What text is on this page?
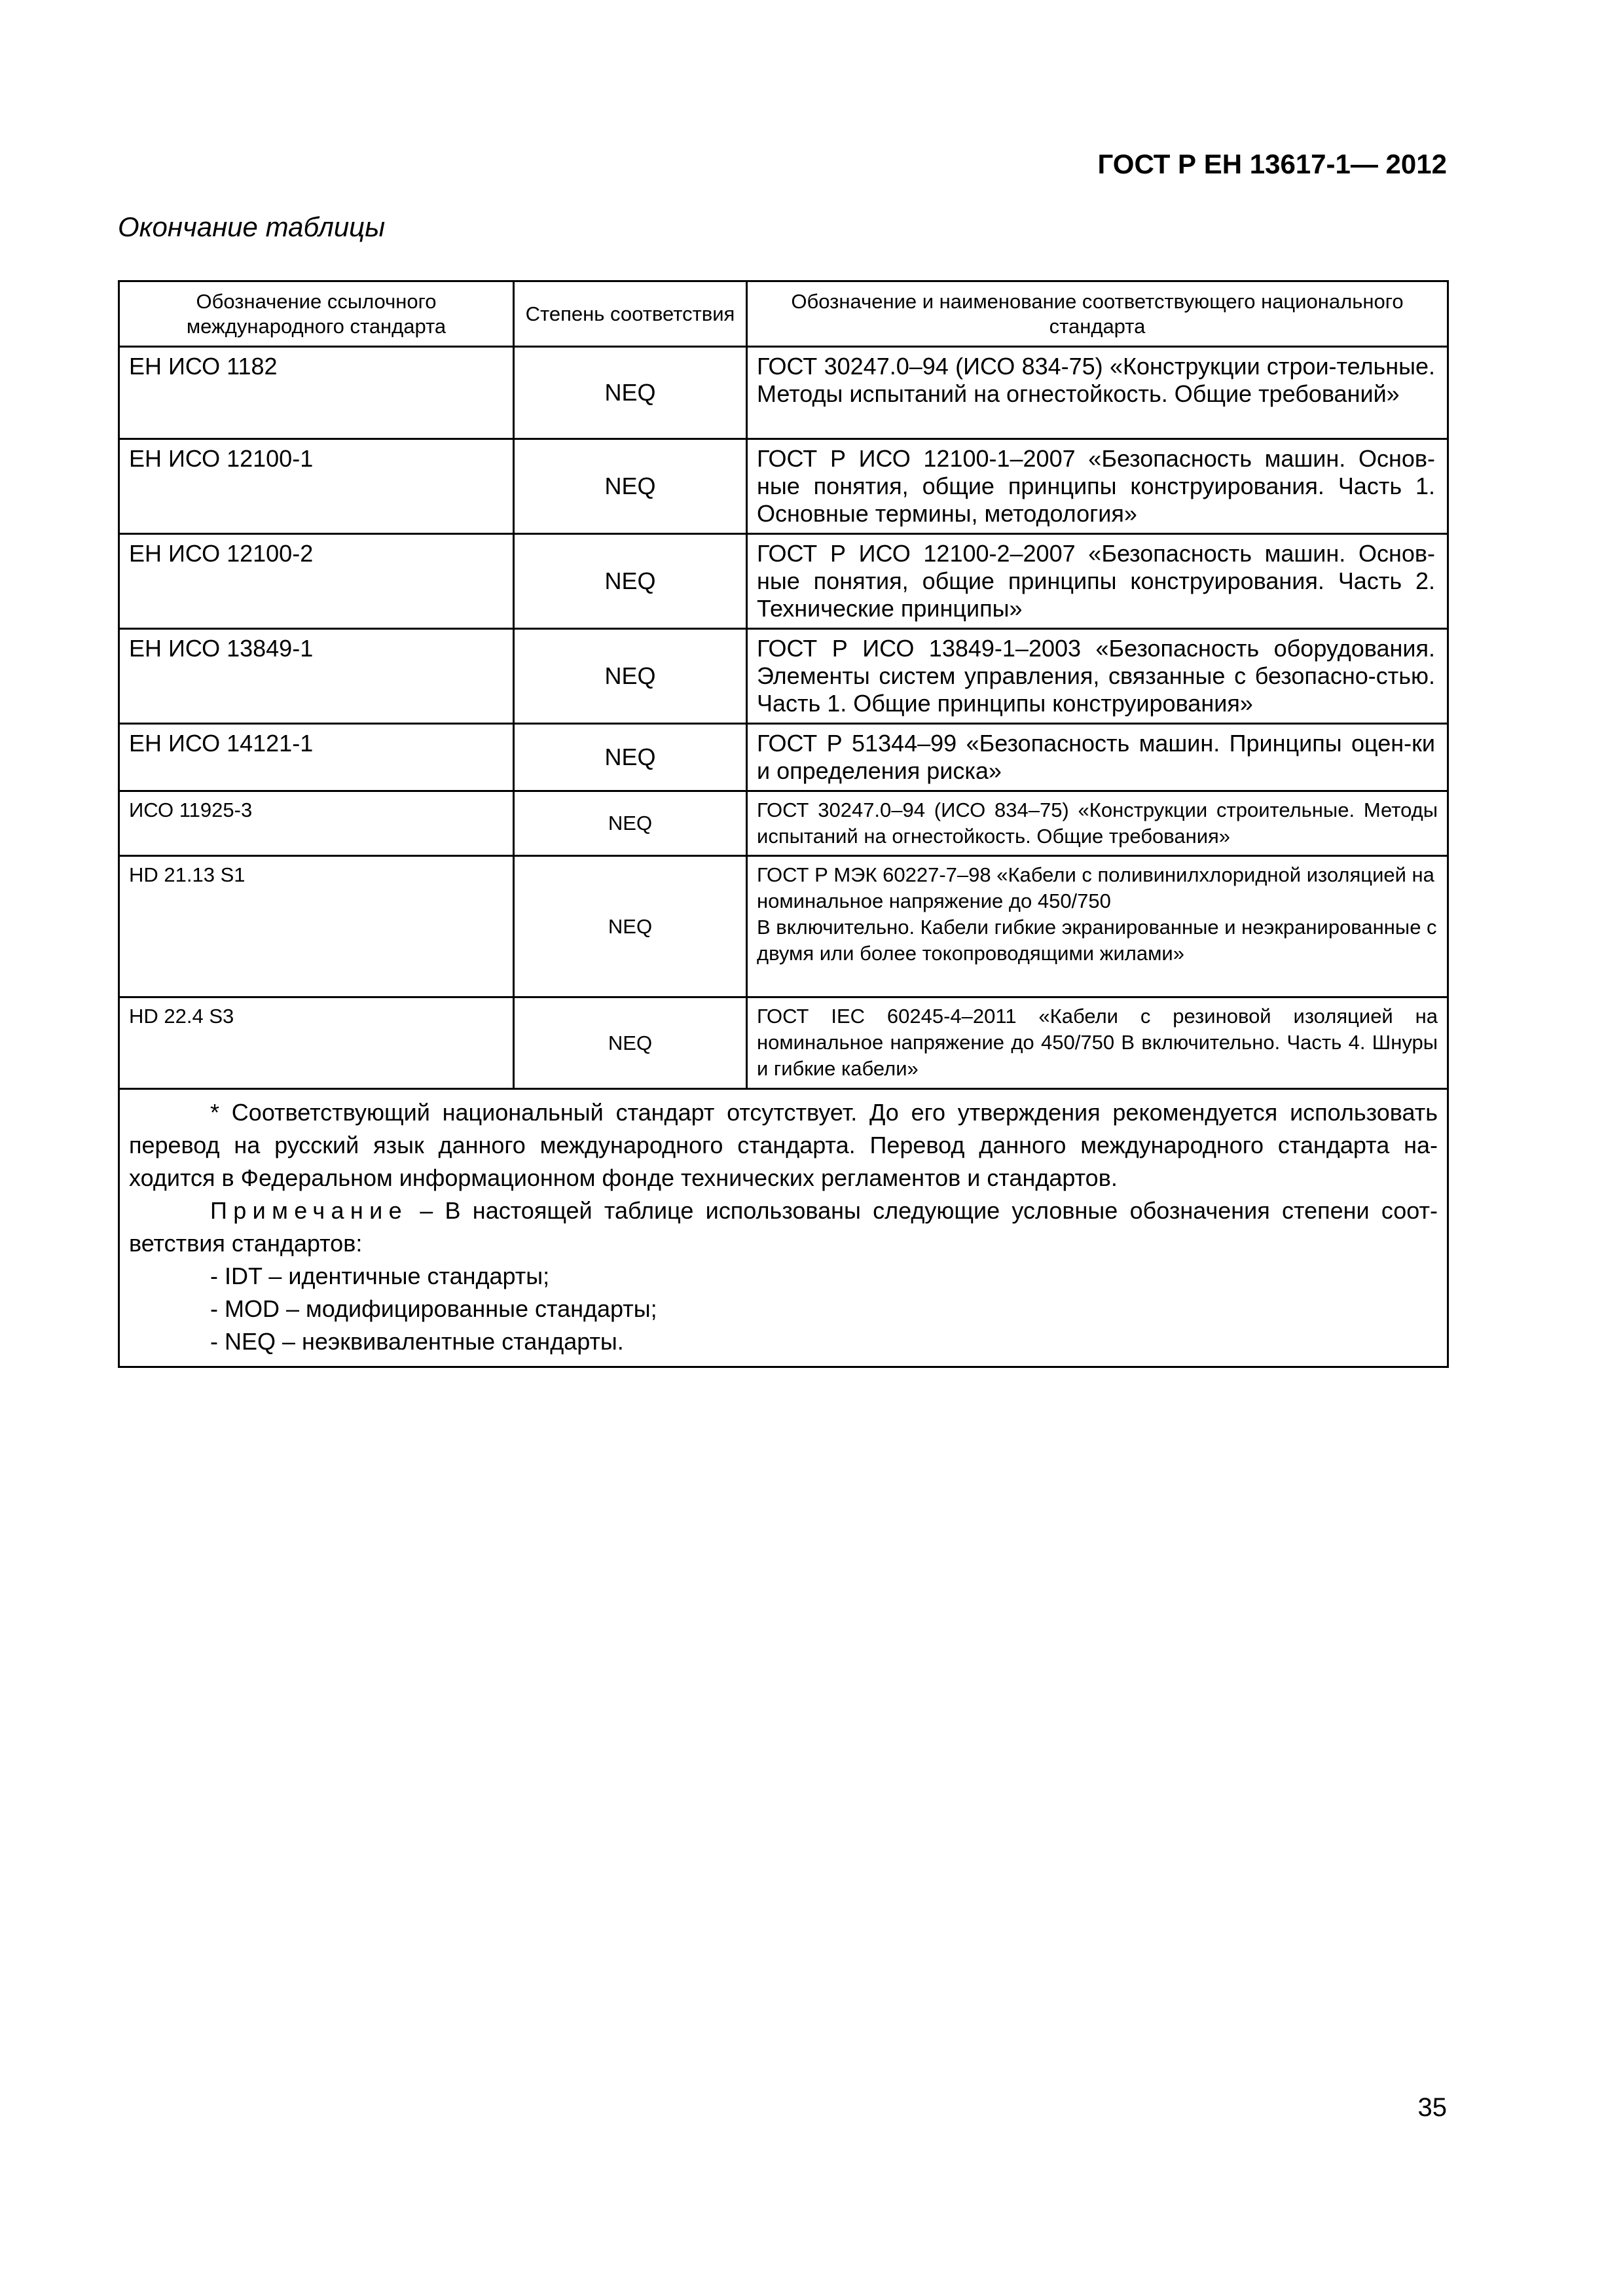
ГОСТ Р ЕН 13617-1— 2012
Окончание таблицы
Обозначение ссылочного международного стандарта	Степень соответствия	Обозначение и наименование соответствующего национального стандарта
ЕН ИСО 1182	NEQ	ГОСТ 30247.0–94 (ИСО 834-75) «Конструкции строи-тельные. Методы испытаний на огнестойкость. Общие требований»
ЕН ИСО 12100-1	NEQ	ГОСТ Р ИСО 12100-1–2007 «Безопасность машин. Основ-ные понятия, общие принципы конструирования. Часть 1. Основные термины, методология»
ЕН ИСО 12100-2	NEQ	ГОСТ Р ИСО 12100-2–2007 «Безопасность машин. Основ-ные понятия, общие принципы конструирования. Часть 2. Технические принципы»
ЕН ИСО 13849-1	NEQ	ГОСТ Р ИСО 13849-1–2003 «Безопасность оборудования. Элементы систем управления, связанные с безопасно-стью. Часть 1. Общие принципы конструирования»
ЕН ИСО 14121-1	NEQ	ГОСТ Р 51344–99 «Безопасность машин. Принципы оцен-ки и определения риска»
ИСО 11925-3	NEQ	ГОСТ 30247.0–94 (ИСО 834–75) «Конструкции строительные. Методы испытаний на огнестойкость. Общие требования»
HD 21.13 S1	NEQ	ГОСТ Р МЭК 60227-7–98 «Кабели с поливинилхлоридной изоляцией на номинальное напряжение до 450/750
В включительно. Кабели гибкие экранированные и неэкранированные с двумя или более токопроводящими жилами»

HD 22.4 S3	NEQ	ГОСТ IEC 60245-4–2011 «Кабели с резиновой изоляцией на номинальное напряжение до 450/750 В включительно. Часть 4. Шнуры и гибкие кабели»

* Соответствующий национальный стандарт отсутствует. До его утверждения рекомендуется использовать перевод на русский язык данного международного стандарта. Перевод данного международного стандарта на-ходится в Федеральном информационном фонде технических регламентов и стандартов.

Примечание – В настоящей таблице использованы следующие условные обозначения степени соот-ветствия стандартов:

- IDT – идентичные стандарты;

- MOD – модифицированные стандарты;

- NEQ – неэквивалентные стандарты.		

35
